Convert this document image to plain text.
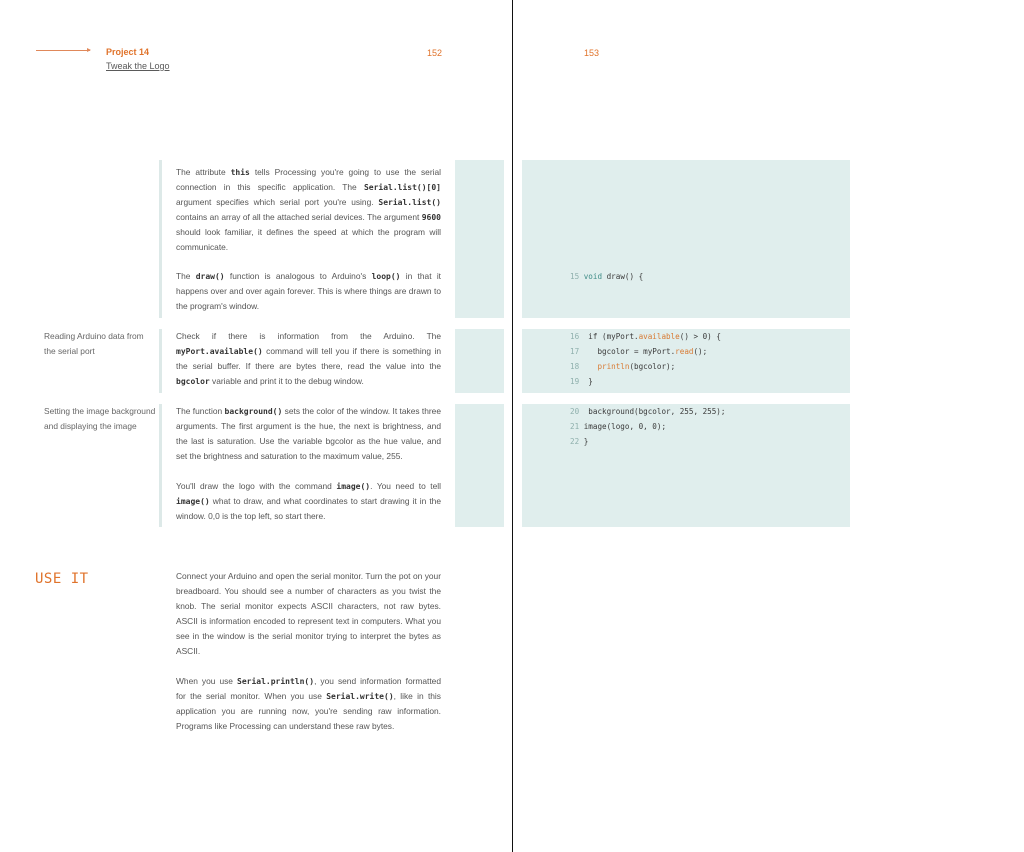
Project 14
Tweak the Logo
152	153

Reading Arduino data from the serial port

Setting the image background and displaying the image

The attribute this tells Processing you're going to use the serial connection in this specific application. The Serial.list()[0] argument specifies which serial port you're using. Serial.list() contains an array of all the attached serial devices. The argument 9600 should look familiar, it defines the speed at which the program will communicate.

The draw() function is analogous to Arduino's loop() in that it happens over and over again forever. This is where things are drawn to the program's window.

Check if there is information from the Arduino. The myPort.available() command will tell you if there is something in the serial buffer. If there are bytes there, read the value into the bgcolor variable and print it to the debug window.

The function background() sets the color of the window. It takes three arguments. The first argument is the hue, the next is brightness, and the last is saturation. Use the variable bgcolor as the hue value, and set the brightness and saturation to the maximum value, 255.

You'll draw the logo with the command image(). You need to tell image() what to draw, and what coordinates to start drawing it in the window. 0,0 is the top left, so start there.

USE IT	Connect your Arduino and open the serial monitor. Turn the pot on your breadboard. You should see a number of characters as you twist the knob. The serial monitor expects ASCII characters, not raw bytes. ASCII is information encoded to represent text in computers. What you see in the window is the serial monitor trying to interpret the bytes as ASCII.

When you use Serial.println(), you send information formatted for the serial monitor. When you use Serial.write(), like in this application you are running now, you're sending raw information. Programs like Processing can understand these raw bytes.

15 void draw() {
16  if (myPort.available() > 0) {
17    bgcolor = myPort.read();
18    println(bgcolor);
19  }
20  background(bgcolor, 255, 255);
21 image(logo, 0, 0);
22 }
